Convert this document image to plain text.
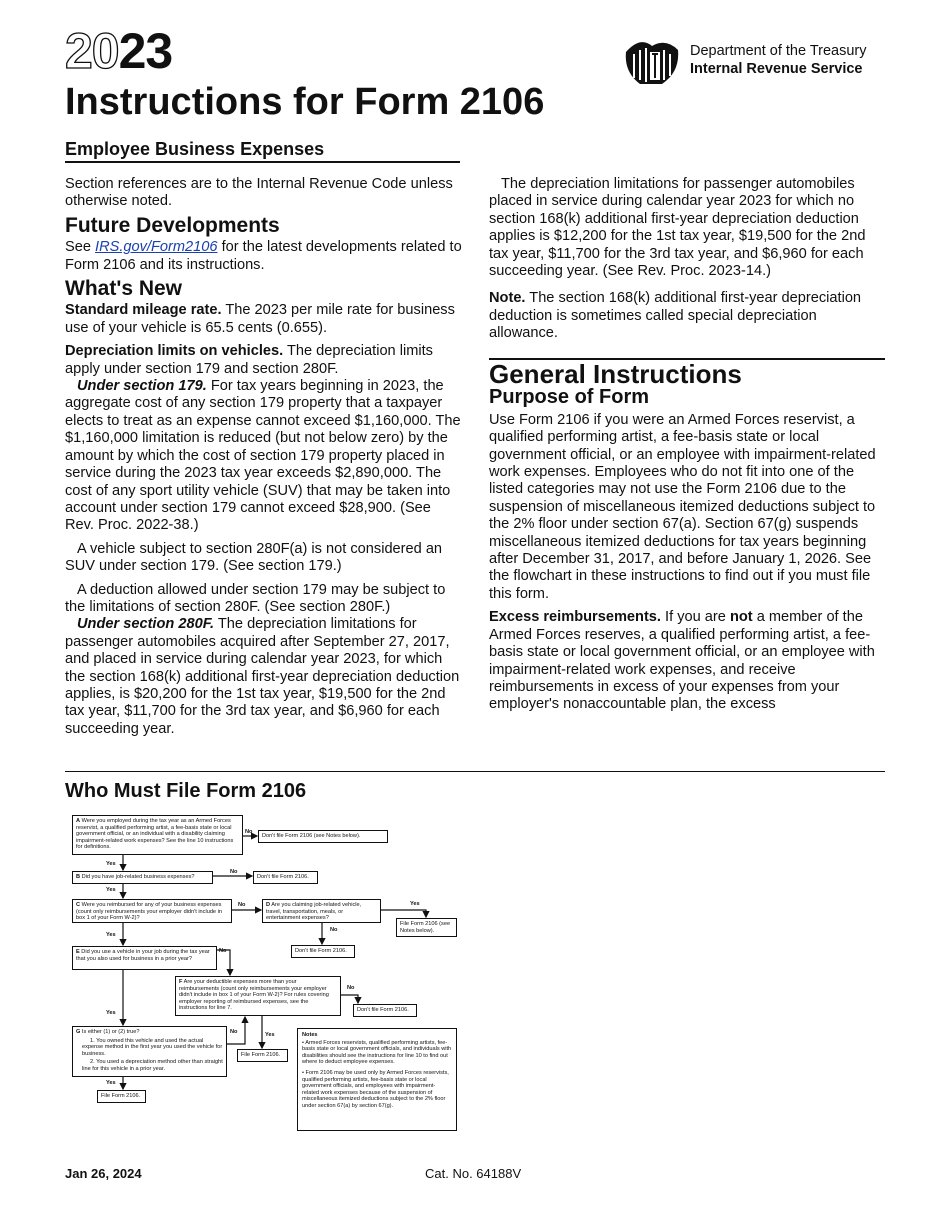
2023
Instructions for Form 2106
Employee Business Expenses
Department of the Treasury
Internal Revenue Service

Section references are to the Internal Revenue Code unless otherwise noted.

Future Developments

See IRS.gov/Form2106 for the latest developments related to Form 2106 and its instructions.

What's New

Standard mileage rate. The 2023 per mile rate for business use of your vehicle is 65.5 cents (0.655).

Depreciation limits on vehicles. The depreciation limits apply under section 179 and section 280F.

Under section 179. For tax years beginning in 2023, the aggregate cost of any section 179 property that a taxpayer elects to treat as an expense cannot exceed $1,160,000. The $1,160,000 limitation is reduced (but not below zero) by the amount by which the cost of section 179 property placed in service during the 2023 tax year exceeds $2,890,000. The cost of any sport utility vehicle (SUV) that may be taken into account under section 179 cannot exceed $28,900. (See Rev. Proc. 2022-38.)

A vehicle subject to section 280F(a) is not considered an SUV under section 179. (See section 179.)

A deduction allowed under section 179 may be subject to the limitations of section 280F. (See section 280F.)

Under section 280F. The depreciation limitations for passenger automobiles acquired after September 27, 2017, and placed in service during calendar year 2023, for which the section 168(k) additional first-year depreciation deduction applies, is $20,200 for the 1st tax year, $19,500 for the 2nd tax year, $11,700 for the 3rd tax year, and $6,960 for each succeeding year.

The depreciation limitations for passenger automobiles placed in service during calendar year 2023 for which no section 168(k) additional first-year depreciation deduction applies is $12,200 for the 1st tax year, $19,500 for the 2nd tax year, $11,700 for the 3rd tax year, and $6,960 for each succeeding year. (See Rev. Proc. 2023-14.)

Note. The section 168(k) additional first-year depreciation deduction is sometimes called special depreciation allowance.

General Instructions
Purpose of Form

Use Form 2106 if you were an Armed Forces reservist, a qualified performing artist, a fee-basis state or local government official, or an employee with impairment-related work expenses. Employees who do not fit into one of the listed categories may not use the Form 2106 due to the suspension of miscellaneous itemized deductions subject to the 2% floor under section 67(a). Section 67(g) suspends miscellaneous itemized deductions for tax years beginning after December 31, 2017, and before January 1, 2026. See the flowchart in these instructions to find out if you must file this form.

Excess reimbursements. If you are not a member of the Armed Forces reserves, a qualified performing artist, a fee-basis state or local government official, or an employee with impairment-related work expenses, and receive reimbursements in excess of your expenses from your employer's nonaccountable plan, the excess

Who Must File Form 2106
A Were you employed during the tax year as an Armed Forces reservist, a qualified performing artist, a fee-basis state or local government official, or an individual with a disability claiming impairment-related work expenses? See the line 10 instructions for definitions.
No
Don't file Form 2106 (see Notes below).
Yes
B Did you have job-related business expenses?
No
Don't file Form 2106.
Yes
C Were you reimbursed for any of your business expenses (count only reimbursements your employer didn't include in box 1 of your Form W-2)?
No	D Are you claiming job-related vehicle, travel, transportation, meals, or entertainment expenses?
Yes
File Form 2106 (see Notes below).
No
Don't file Form 2106.
Yes
E Did you use a vehicle in your job during the tax year that you also used for business in a prior year?
No
F Are your deductible expenses more than your reimbursements (count only reimbursements your employer didn't include in box 1 of your Form W-2)? For rules covering employer reporting of reimbursed expenses, see the instructions for line 7.
No
Don't file Form 2106.
Yes
Yes
File Form 2106.
G Is either (1) or (2) true?
1. You owned this vehicle and used the actual expense method in the first year you used the vehicle for business.
2. You used a depreciation method other than straight line for this vehicle in a prior year.
No
Yes
File Form 2106.
Notes
• Armed Forces reservists, qualified performing artists, fee-basis state or local government officials, and individuals with disabilities should see the instructions for line 10 to find out where to deduct employee expenses.
• Form 2106 may be used only by Armed Forces reservists, qualified performing artists, fee-basis state or local government officials, and employees with impairment-related work expenses because of the suspension of miscellaneous itemized deductions subject to the 2% floor under section 67(a) by section 67(g).
Jan 26, 2024	Cat. No. 64188V
